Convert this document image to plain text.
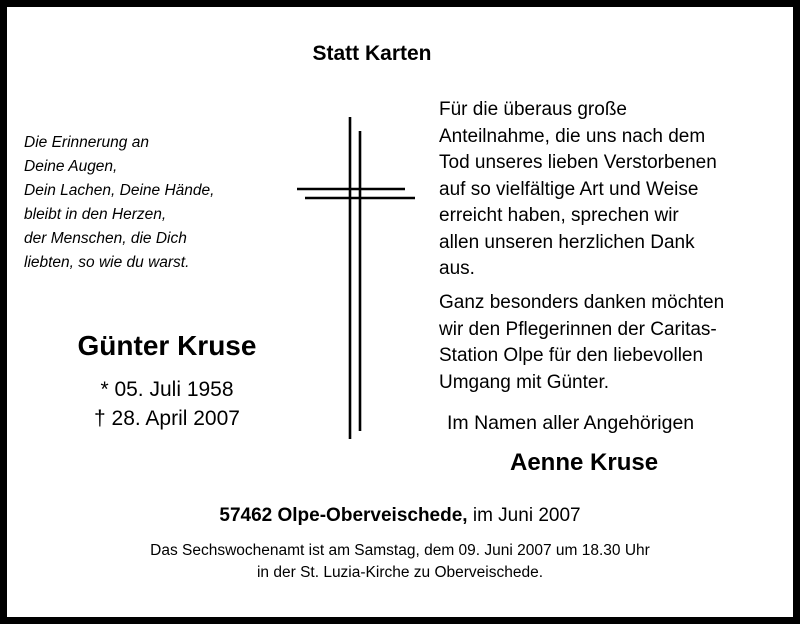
Statt Karten
Die Erinnerung an
Deine Augen,
Dein Lachen, Deine Hände,
bleibt in den Herzen,
der Menschen, die Dich
liebten, so wie du warst.
Günter Kruse
* 05. Juli 1958
† 28. April 2007
Für die überaus große
Anteilnahme, die uns nach dem
Tod unseres lieben Verstorbenen
auf so vielfältige Art und Weise
erreicht haben, sprechen wir
allen unseren herzlichen Dank
aus.
Ganz besonders danken möchten
wir den Pflegerinnen der Caritas-
Station Olpe für den liebevollen
Umgang mit Günter.
Im Namen aller Angehörigen
Aenne Kruse
57462 Olpe-Oberveischede, im Juni 2007
Das Sechswochenamt ist am Samstag, dem 09. Juni 2007 um 18.30 Uhr
in der St. Luzia-Kirche zu Oberveischede.
